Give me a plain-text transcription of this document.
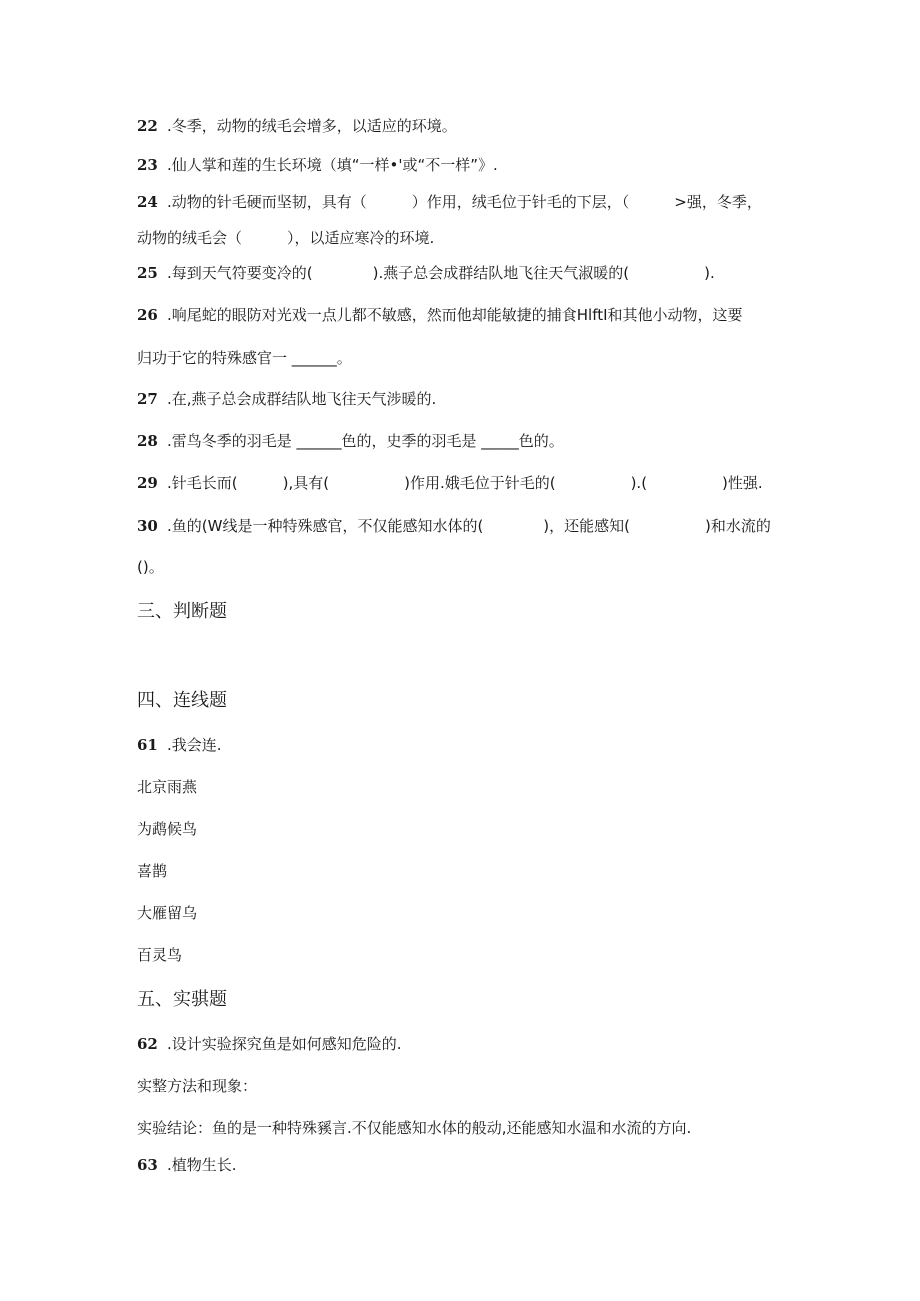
22 .冬季，动物的绒毛会增多，以适应的环境。
23 .仙人掌和莲的生长环境（填“一样•'或“不一样”》.
24 .动物的针毛硬而坚韧，具有（　　　）作用，绒毛位于针毛的下层，（　　　>强，冬季，
动物的绒毛会（　　　），以适应寒冷的环境.
25 .每到天气符要变冷的(　　　　).燕子总会成群结队地飞往天气淑暖的(　　　　　).
26 .响尾蛇的眼防对光戏一点儿都不敏感，然而他却能敏捷的捕食HlftI和其他小动物，这要
归功于它的特殊感官一 ______。
27 .在,燕子总会成群结队地飞往天气涉暖的.
28 .雷鸟冬季的羽毛是 ______色的，史季的羽毛是 _____色的。
29 .针毛长而(　　　),具有(　　　　　)作用.娥毛位于针毛的(　　　　　).(　　　　　)性强.
30 .鱼的(W线是一种特殊感官，不仅能感知水体的(　　　　)，还能感知(　　　　　)和水流的
()。
三、判断题
四、连线题
61 .我会连.
北京雨燕
为鹉候鸟
喜鹊
大雁留乌
百灵鸟
五、实骐题
62 .设计实验探究鱼是如何感知危险的.
实整方法和现象：
实验结论：鱼的是一种特殊豯言.不仅能感知水体的般动,还能感知水温和水流的方向.
63 .植物生长.
